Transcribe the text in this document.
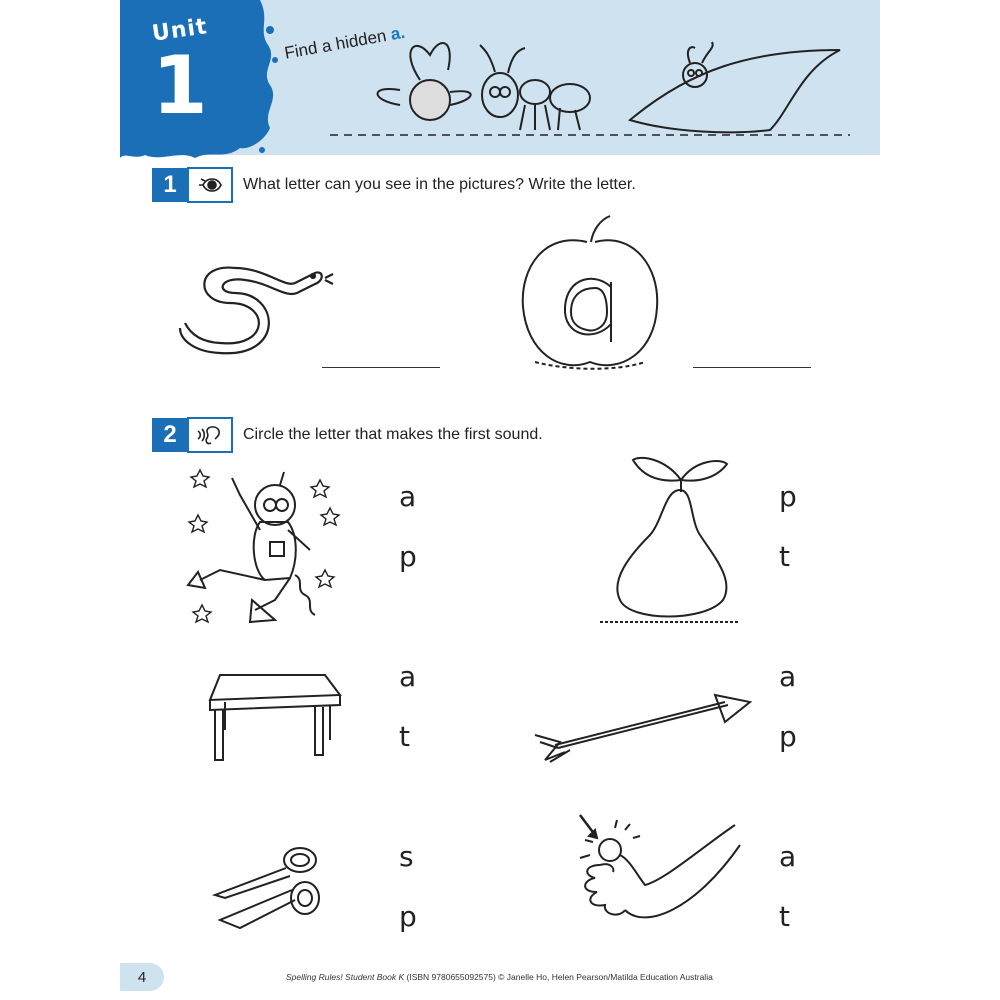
Unit
1	Find a hidden a.
1	What letter can you see in the pictures? Write the letter.
2	Circle the letter that makes the first sound.
a
p
p
t
a
t
a
p
s
p
a
t
4	Spelling Rules! Student Book K (ISBN 9780655092575) © Janelle Ho, Helen Pearson/Matilda Education Australia
